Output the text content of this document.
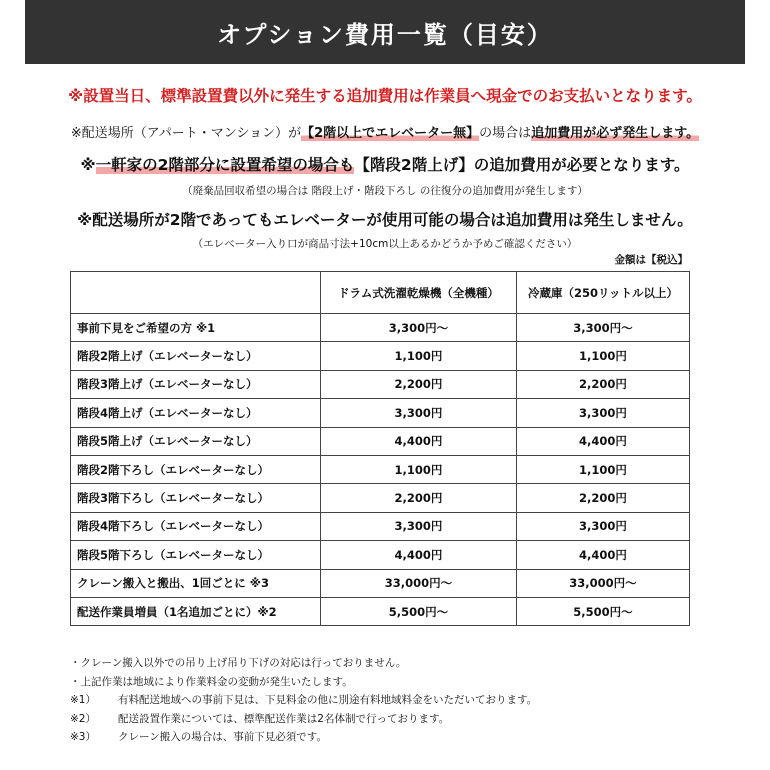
オプション費用一覧（目安）
※設置当日、標準設置費以外に発生する追加費用は作業員へ現金でのお支払いとなります。
※配送場所（アパート・マンション）が【2階以上でエレベーター無】の場合は追加費用が必ず発生します。
※一軒家の2階部分に設置希望の場合も【階段2階上げ】の追加費用が必要となります。
（廃棄品回収希望の場合は 階段上げ・階段下ろし の往復分の追加費用が発生します）
※配送場所が2階であってもエレベーターが使用可能の場合は追加費用は発生しません。
（エレベーター入り口が商品寸法+10cm以上あるかどうか予めご確認ください）
金額は【税込】
	ドラム式洗濯乾燥機（全機種）	冷蔵庫（250リットル以上）
事前下見をご希望の方 ※1	3,300円～	3,300円～
階段2階上げ（エレベーターなし）	1,100円	1,100円
階段3階上げ（エレベーターなし）	2,200円	2,200円
階段4階上げ（エレベーターなし）	3,300円	3,300円
階段5階上げ（エレベーターなし）	4,400円	4,400円
階段2階下ろし（エレベーターなし）	1,100円	1,100円
階段3階下ろし（エレベーターなし）	2,200円	2,200円
階段4階下ろし（エレベーターなし）	3,300円	3,300円
階段5階下ろし（エレベーターなし）	4,400円	4,400円
クレーン搬入と搬出、1回ごとに ※3	33,000円～	33,000円～
配送作業員増員（1名追加ごとに）※2	5,500円～	5,500円～
・クレーン搬入以外での吊り上げ吊り下げの対応は行っておりません。
・上記作業は地域により作業料金の変動が発生いたします。
※1） 有料配送地域への事前下見は、下見料金の他に別途有料地域料金をいただいております。
※2） 配送設置作業については、標準配送作業は2名体制で行っております。
※3） クレーン搬入の場合は、事前下見必須です。
